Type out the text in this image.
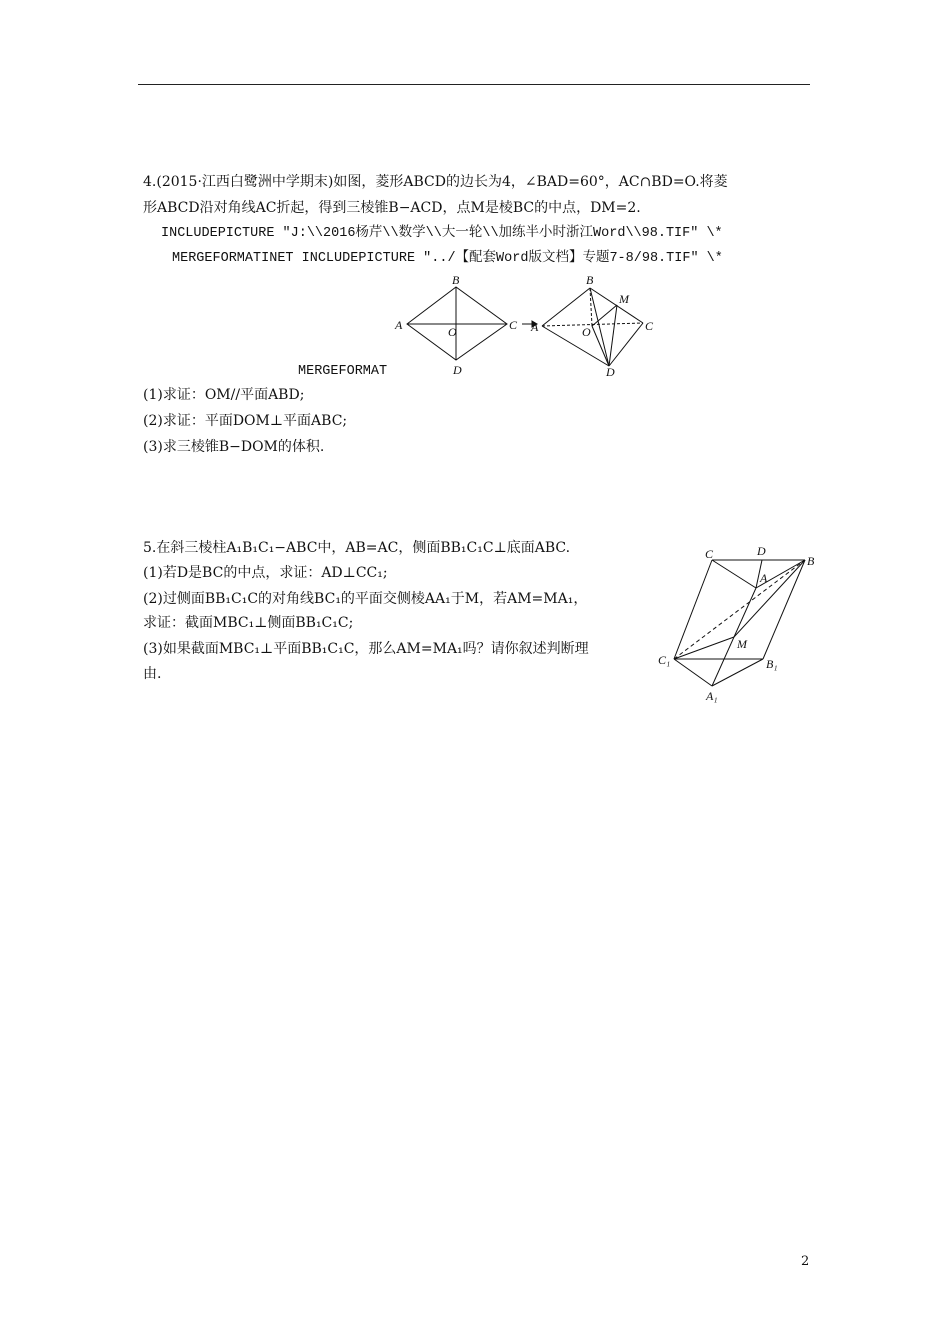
4.(2015·江西白鹭洲中学期末)如图，菱形ABCD的边长为4，∠BAD=60°，AC∩BD=O.将菱
形ABCD沿对角线AC折起，得到三棱锥B−ACD，点M是棱BC的中点，DM=2.
INCLUDEPICTURE "J:\\2016杨芹\\数学\\大一轮\\加练半小时浙江Word\\98.TIF" \*
MERGEFORMATINET INCLUDEPICTURE "../【配套Word版文档】专题7-8/98.TIF" \*
MERGEFORMAT
A
B
C
D
O	A
B
M
C
O
D
(1)求证：OM//平面ABD;
(2)求证：平面DOM⊥平面ABC;
(3)求三棱锥B−DOM的体积.
5.在斜三棱柱A₁B₁C₁−ABC中，AB=AC，侧面BB₁C₁C⊥底面ABC.
(1)若D是BC的中点，求证：AD⊥CC₁;
(2)过侧面BB₁C₁C的对角线BC₁的平面交侧棱AA₁于M，若AM=MA₁，
求证：截面MBC₁⊥侧面BB₁C₁C;
(3)如果截面MBC₁⊥平面BB₁C₁C，那么AM=MA₁吗？请你叙述判断理
由.
C	D
B
A
M
C₁	B₁
A₁
2
